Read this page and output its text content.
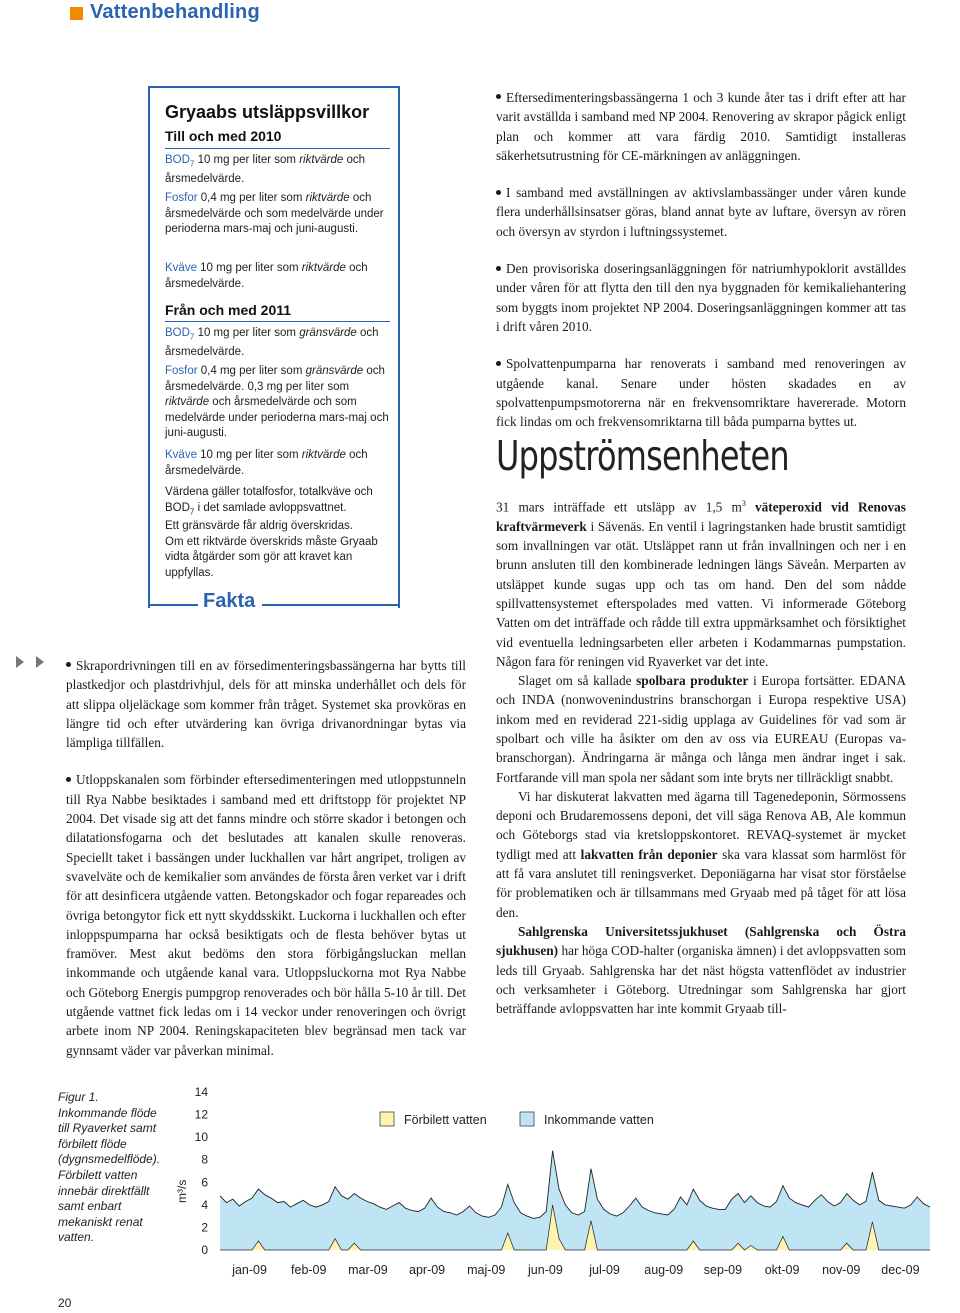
Vattenbehandling
Fakta
Gryaabs utsläppsvillkor
Till och med 2010
$BOD_7$ 10 mg per liter som riktvärde och årsmedelvärde.
Fosfor 0,4 mg per liter som riktvärde och årsmedelvärde och som medelvärde under perioderna mars-maj och juni-augusti.
Kväve 10 mg per liter som riktvärde och årsmedelvärde.
Från och med 2011
$BOD_7$ 10 mg per liter som gränsvärde och årsmedelvärde.
Fosfor 0,4 mg per liter som gränsvärde och årsmedelvärde. 0,3 mg per liter som riktvärde och årsmedelvärde och som medelvärde under perioderna mars-maj och juni-augusti.
Kväve 10 mg per liter som riktvärde och årsmedelvärde.
Värdena gäller totalfosfor, totalkväve och $BOD_7$ i det samlade avloppsvattnet.
Ett gränsvärde får aldrig överskridas.
Om ett riktvärde överskrids måste Gryaab vidta åtgärder som gör att kravet kan uppfyllas.

Skrapordrivningen till en av försedimenteringsbassängerna har bytts till plastkedjor och plastdrivhjul, dels för att minska underhållet och dels för att slippa oljeläckage som kommer från tråget. Systemet ska provköras en längre tid och efter utvärdering kan övriga drivanordningar bytas via lämpliga tillfällen.

Utloppskanalen som förbinder eftersedimenteringen med utloppstunneln till Rya Nabbe besiktades i samband med ett driftstopp för projektet NP 2004. Det visade sig att det fanns mindre och större skador i betongen och dilatationsfogarna och det beslutades att kanalen skulle renoveras. Speciellt taket i bassängen under luckhallen var hårt angripet, troligen av svavelväte och de kemikalier som användes de första åren verket var i drift för att desinficera utgående vatten. Betongskador och fogar repareades och övriga betongytor fick ett nytt skyddsskikt. Luckorna i luckhallen och efter inloppspumparna har också besiktigats och de flesta behöver bytas ut framöver. Mest akut bedöms den stora förbigångsluckan mellan inkommande och utgående kanal vara. Utloppsluckorna mot Rya Nabbe och Göteborg Energis pumpgrop renoverades och bör hålla 5-10 år till. Det utgående vattnet fick ledas om i 14 veckor under renoveringen och övrigt arbete inom NP 2004. Reningskapaciteten blev begränsad men tack var gynnsamt väder var påverkan minimal.

Eftersedimenteringsbassängerna 1 och 3 kunde åter tas i drift efter att har varit avställda i samband med NP 2004. Renovering av skrapor pågick enligt plan och kommer att vara färdig 2010. Samtidigt installeras säkerhetsutrustning för CE-märkningen av anläggningen.

I samband med avställningen av aktivslambassänger under våren kunde flera underhållsinsatser göras, bland annat byte av luftare, översyn av rören och översyn av styrdon i luftningssystemet.

Den provisoriska doseringsanläggningen för natriumhypoklorit avställdes under våren för att flytta den till den nya byggnaden för kemikaliehantering som byggts inom projektet NP 2004. Doseringsanläggningen kommer att tas i drift våren 2010.

Spolvattenpumparna har renoverats i samband med renoveringen av utgående kanal. Senare under hösten skadades en av spolvattenpumpsmotorerna när en frekvensomriktare havererade. Motorn fick lindas om och frekvensomriktarna till båda pumparna byttes ut.

Uppströmsenheten

31 mars inträffade ett utsläpp av 1,5 $m^3$ väteperoxid vid Renovas kraftvärmeverk i Sävenäs. En ventil i lagringstanken hade brustit samtidigt som invallningen var otät. Utsläppet rann ut från invallningen och ner i en brunn ansluten till den kombinerade ledningen längs Säveån. Merparten av utsläppet kunde sugas upp och tas om hand. Den del som nådde spillvattensystemet efterspolades med vatten. Vi informerade Göteborg Vatten om det inträffade och rådde till extra uppmärksamhet och försiktighet vid eventuella ledningsarbeten eller arbeten i Kodammarnas pumpstation. Någon fara för reningen vid Ryaverket var det inte.

Slaget om så kallade spolbara produkter i Europa fortsätter. EDANA och INDA (nonwovenindustrins branschorgan i Europa respektive USA) inkom med en reviderad 221-sidig upplaga av Guidelines för vad som är spolbart och ville ha åsikter om den av oss via EUREAU (Europas va-branschorgan). Ändringarna är många och långa men ändrar inget i sak. Fortfarande vill man spola ner sådant som inte bryts ner tillräckligt snabbt.

Vi har diskuterat lakvatten med ägarna till Tagenedeponin, Sörmossens deponi och Brudaremossens deponi, det vill säga Renova AB, Ale kommun och Göteborgs stad via kretsloppskontoret. REVAQ-systemet är mycket tydligt med att lakvatten från deponier ska vara klassat som harmlöst för att få vara anslutet till reningsverket. Deponiägarna har visat stor förståelse för problematiken och är tillsammans med Gryaab med på tåget för att lösa den.

Sahlgrenska Universitetssjukhuset (Sahlgrenska och Östra sjukhusen) har höga COD-halter (organiska ämnen) i det avloppsvatten som leds till Gryaab. Sahlgrenska har det näst högsta vattenflödet av industrier och verksamheter i Göteborg. Utredningar som Sahlgrenska har gjort beträffande avloppsvatten har inte kommit Gryaab till-

Figur 1. Inkommande flöde till Ryaverket samt förbilett flöde (dygnsmedelflöde). Förbilett vatten innebär direktfällt samt enbart mekaniskt renat vatten.
20
0
2
4
6
8
10
12
14
m³/s
jan-09 feb-09 mar-09 apr-09 maj-09 jun-09 jul-09 aug-09 sep-09 okt-09 nov-09 dec-09
Förbilett vatten	Inkommande vatten
